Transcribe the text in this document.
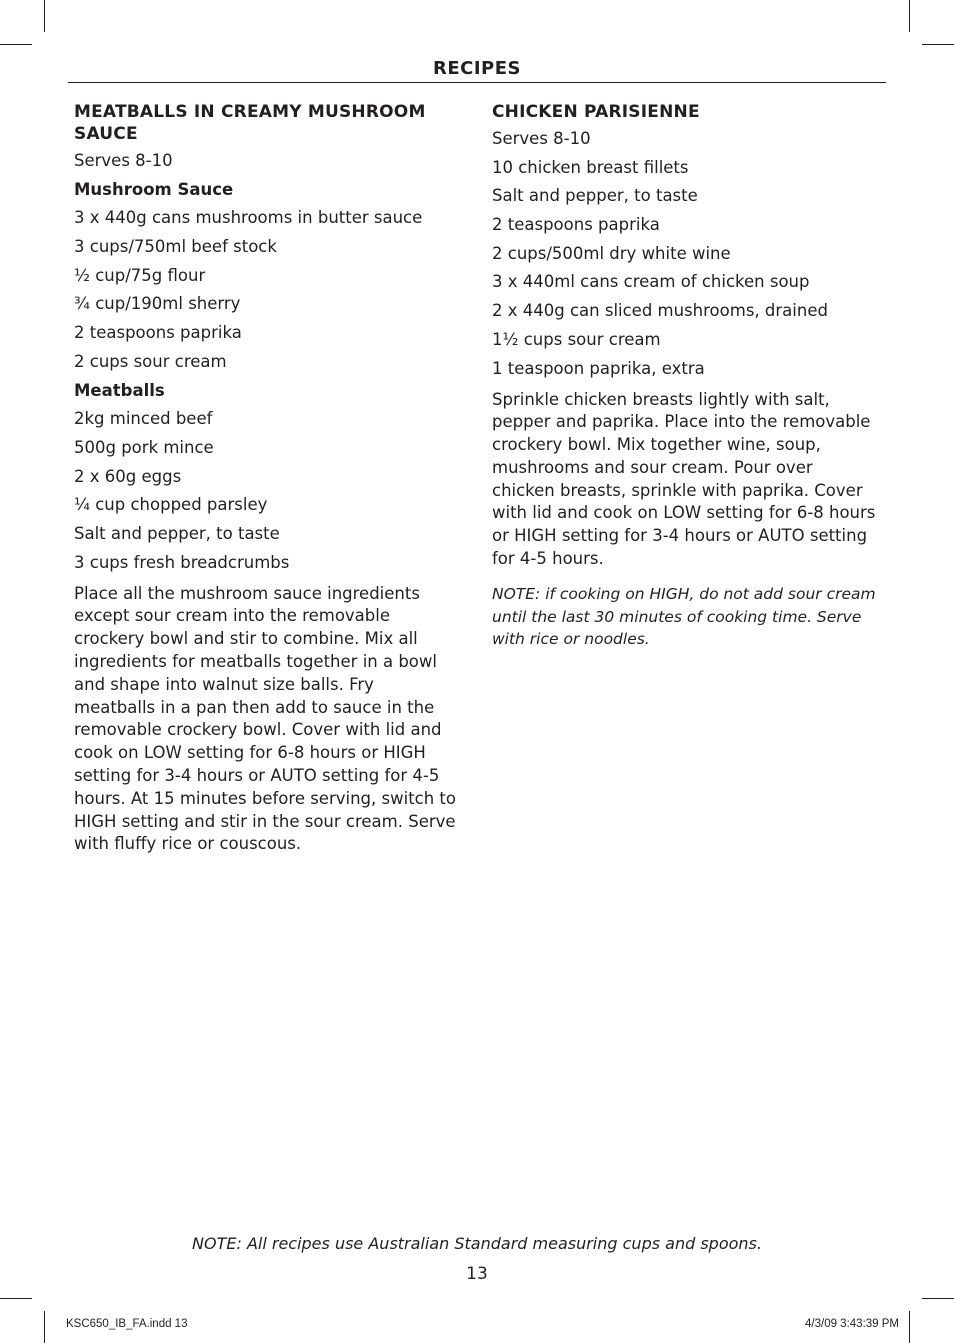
RECIPES
MEATBALLS IN CREAMY MUSHROOM SAUCE
Serves 8-10
Mushroom Sauce
3 x 440g cans mushrooms in butter sauce
3 cups/750ml beef stock
½ cup/75g flour
¾ cup/190ml sherry
2 teaspoons paprika
2 cups sour cream
Meatballs
2kg minced beef
500g pork mince
2 x 60g eggs
¼ cup chopped parsley
Salt and pepper, to taste
3 cups fresh breadcrumbs
Place all the mushroom sauce ingredients except sour cream into the removable crockery bowl and stir to combine. Mix all ingredients for meatballs together in a bowl and shape into walnut size balls. Fry meatballs in a pan then add to sauce in the removable crockery bowl. Cover with lid and cook on LOW setting for 6-8 hours or HIGH setting for 3-4 hours or AUTO setting for 4-5 hours. At 15 minutes before serving, switch to HIGH setting and stir in the sour cream. Serve with fluffy rice or couscous.
CHICKEN PARISIENNE
Serves 8-10
10 chicken breast fillets
Salt and pepper, to taste
2 teaspoons paprika
2 cups/500ml dry white wine
3 x 440ml cans cream of chicken soup
2 x 440g can sliced mushrooms, drained
1½ cups sour cream
1 teaspoon paprika, extra
Sprinkle chicken breasts lightly with salt, pepper and paprika. Place into the removable crockery bowl. Mix together wine, soup, mushrooms and sour cream. Pour over chicken breasts, sprinkle with paprika. Cover with lid and cook on LOW setting for 6-8 hours or HIGH setting for 3-4 hours or AUTO setting for 4-5 hours.
NOTE: if cooking on HIGH, do not add sour cream until the last 30 minutes of cooking time. Serve with rice or noodles.
NOTE: All recipes use Australian Standard measuring cups and spoons.
13
KSC650_IB_FA.indd 13	4/3/09 3:43:39 PM
